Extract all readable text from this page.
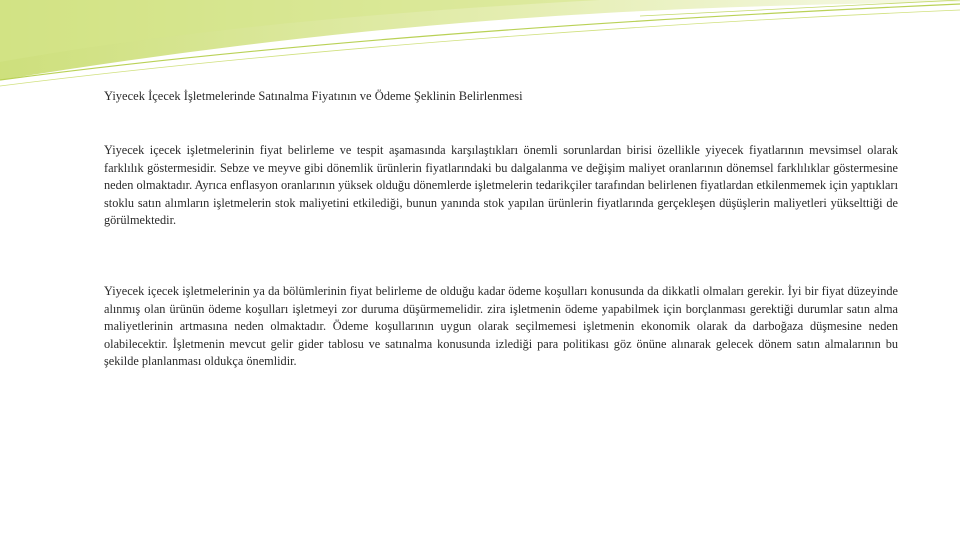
Yiyecek İçecek İşletmelerinde Satınalma Fiyatının ve Ödeme Şeklinin Belirlenmesi

Yiyecek içecek işletmelerinin fiyat belirleme ve tespit aşamasında karşılaştıkları önemli sorunlardan birisi özellikle yiyecek fiyatlarının mevsimsel olarak farklılık göstermesidir. Sebze ve meyve gibi dönemlik ürünlerin fiyatlarındaki bu dalgalanma ve değişim maliyet oranlarının dönemsel farklılıklar göstermesine neden olmaktadır. Ayrıca enflasyon oranlarının yüksek olduğu dönemlerde işletmelerin tedarikçiler tarafından belirlenen fiyatlardan etkilenmemek için yaptıkları stoklu satın alımların işletmelerin stok maliyetini etkilediği, bunun yanında stok yapılan ürünlerin fiyatlarında gerçekleşen düşüşlerin maliyetleri yükselttiği de görülmektedir.

Yiyecek içecek işletmelerinin ya da bölümlerinin fiyat belirleme de olduğu kadar ödeme koşulları konusunda da dikkatli olmaları gerekir. İyi bir fiyat düzeyinde alınmış olan ürünün ödeme koşulları işletmeyi zor duruma düşürmemelidir. zira işletmenin ödeme yapabilmek için borçlanması gerektiği durumlar satın alma maliyetlerinin artmasına neden olmaktadır. Ödeme koşullarının uygun olarak seçilmemesi işletmenin ekonomik olarak da darboğaza düşmesine neden olabilecektir. İşletmenin mevcut gelir gider tablosu ve satınalma konusunda izlediği para politikası göz önüne alınarak gelecek dönem satın almalarının bu şekilde planlanması oldukça önemlidir.
